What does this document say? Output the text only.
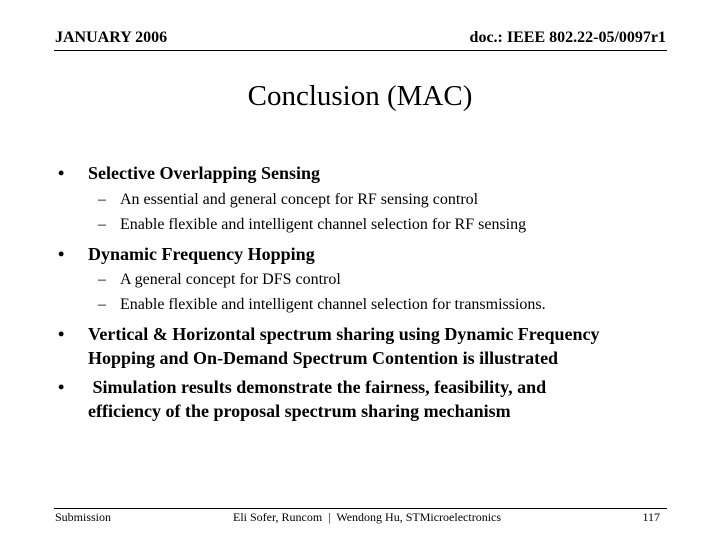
JANUARY 2006	doc.: IEEE 802.22-05/0097r1
Conclusion (MAC)
• Selective Overlapping Sensing
– An essential and general concept for RF sensing control
– Enable flexible and intelligent channel selection for RF sensing
• Dynamic Frequency Hopping
– A general concept for DFS control
– Enable flexible and intelligent channel selection for transmissions.
• Vertical & Horizontal spectrum sharing using Dynamic Frequency
Hopping and On-Demand Spectrum Contention is illustrated
• Simulation results demonstrate the fairness, feasibility, and
efficiency of the proposal spectrum sharing mechanism
Submission	Eli Sofer, Runcom  |  Wendong Hu, STMicroelectronics	117
